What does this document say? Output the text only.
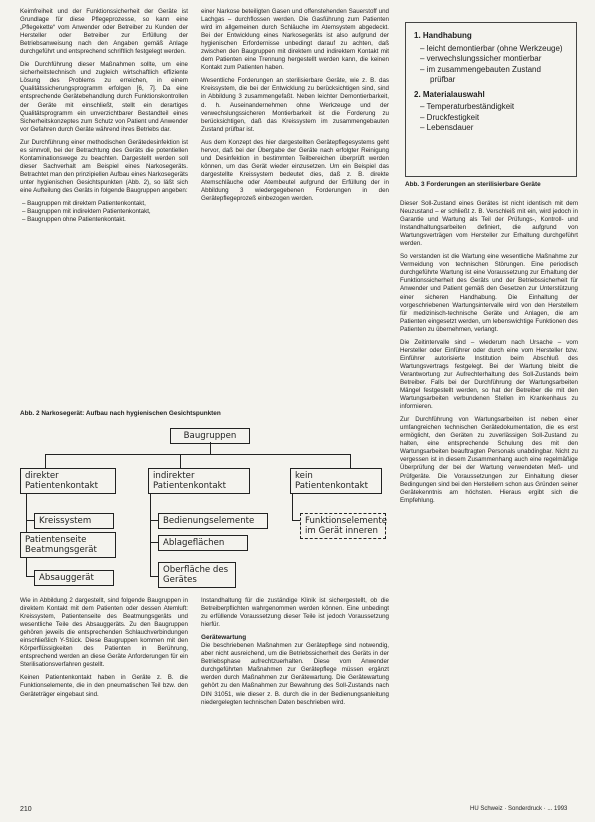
Keimfreiheit und der Funktionssicherheit der Geräte ist Grundlage für diese Pflegeprozesse, so kann eine „Pflegekette“ vom Anwender oder Betreiber zu Kunden der Hersteller oder Betreiber zur Erfüllung der Betriebsanweisung nach den Angaben gemäß Anlage durchgeführt und entsprechend schriftlich festgelegt werden.

Die Durchführung dieser Maßnahmen sollte, um eine sicherheitstechnisch und zugleich wirtschaftlich effiziente Lösung des Problems zu erreichen, in einem Qualitätssicherungsprogramm erfolgen [6, 7]. Da eine entsprechende Gerätebehandlung durch Funktionskontrollen der Geräte mit einschließt, stellt ein derartiges Qualitätsprogramm ein unverzichtbarer Bestandteil eines Sicherheitskonzeptes zum Schutz von Patient und Anwender vor Gefahren durch Geräte während ihres Betriebs dar.

Zur Durchführung einer methodischen Gerätedesinfektion ist es sinnvoll, bei der Betrachtung des Geräts die potentiellen Kontaminationswege zu beachten. Dargestellt werden soll dieser Sachverhalt am Beispiel eines Narkosegeräts. Betrachtet man den prinzipiellen Aufbau eines Narkosegeräts unter hygienischen Gesichtspunkten (Abb. 2), so läßt sich eine Aufteilung des Geräts in folgende Baugruppen angeben:

– Baugruppen mit direktem Patientenkontakt,
– Baugruppen mit indirektem Patientenkontakt,
– Baugruppen ohne Patientenkontakt.

einer Narkose beteiligten Gasen und offenstehenden Sauerstoff und Lachgas – durchflossen werden. Die Gasführung zum Patienten wird im allgemeinen durch Schläuche im Atemsystem abgedeckt. Bei der Entwicklung eines Narkosegeräts ist also aufgrund der hygienischen Erfordernisse unbedingt darauf zu achten, daß zwischen den Baugruppen mit direktem und indirektem Kontakt mit dem Patienten eine Trennung hergestellt werden kann, die keinen Kontakt zum Patienten haben.

Wesentliche Forderungen an sterilisierbare Geräte, wie z. B. das Kreissystem, die bei der Entwicklung zu berücksichtigen sind, sind in Abbildung 3 zusammengefaßt. Neben leichter Demontierbarkeit, d. h. Auseinandernehmen ohne Werkzeuge und der verwechslungssicheren Montierbarkeit ist die Forderung zu berücksichtigen, daß das Kreissystem im zusammengebauten Zustand prüfbar ist.

Aus dem Konzept des hier dargestellten Gerätepflegesystems geht hervor, daß bei der Übergabe der Geräte nach erfolgter Reinigung und Desinfektion in bestimmten Teilbereichen überprüft werden können, um das Gerät wieder einzusetzen. Um ein Beispiel das dargestellte Kreissystem bedeutet dies, daß z. B. direkte Atemschläuche oder Atembeutel aufgrund der Erfüllung der in Abbildung 3 wiedergegebenen Forderungen in den Gerätepflegeprozeß einbezogen werden.

1. Handhabung
– leicht demontierbar (ohne Werkzeuge)
– verwechslungssicher montierbar
– im zusammengebauten Zustand prüfbar
2. Materialauswahl
– Temperaturbeständigkeit
– Druckfestigkeit
– Lebensdauer
Abb. 3 Forderungen an sterilisierbare Geräte

Dieser Soll-Zustand eines Gerätes ist nicht identisch mit dem Neuzustand – er schließt z. B. Verschleiß mit ein, wird jedoch in Garantie und Wartung als Teil der Prüfungs-, Kontroll- und Instandhaltungsarbeiten definiert, die aufgrund von Wartungsverträgen vom Hersteller zur Erhaltung durchgeführt werden.

So verstanden ist die Wartung eine wesentliche Maßnahme zur Vermeidung von technischen Störungen. Eine periodisch durchgeführte Wartung ist eine Voraussetzung zur Erhaltung der Funktionssicherheit des Geräts und der Betriebssicherheit für Anwender und Patient gemäß den Gesetzen zur Unterstützung einer sicheren Handhabung. Die Einhaltung der vorgeschriebenen Wartungsintervalle wird von den Herstellern für medizinisch-technische Geräte und Anlagen, die am Patienten eingesetzt werden, um lebenswichtige Funktionen des Patienten zu übernehmen, verlangt.

Die Zeitintervalle sind – wiederum nach Ursache – vom Hersteller oder Einführer oder durch eine vom Hersteller bzw. Einführer autorisierte Institution beim Abschluß des Wartungsvertrags festgelegt. Bei der Wartung bleibt die Verantwortung zur Aufrechterhaltung des Soll-Zustands beim Betreiber. Falls bei der Durchführung der Wartungsarbeiten Mängel festgestellt werden, so hat der Betreiber die mit den Wartungsarbeiten verbundenen Stellen im Krankenhaus zu informieren.

Zur Durchführung von Wartungsarbeiten ist neben einer umfangreichen technischen Gerätedokumentation, die es erst ermöglicht, den Geräten zu zuverlässigen Soll-Zustand zu halten, eine entsprechende Schulung des mit den Wartungsarbeiten beauftragten Personals unabdingbar. Nicht zu vergessen ist in diesem Zusammenhang auch eine regelmäßige Überprüfung der bei der Wartung verwendeten Meß- und Prüfgeräte. Die Voraussetzungen zur Einhaltung dieser Bedingungen sind bei den Herstellern schon aus Gründen seiner Gerätekenntnis am höchsten. Hieraus ergibt sich die Empfehlung.

Abb. 2 Narkosegerät: Aufbau nach hygienischen Gesichtspunkten
Baugruppen
direkter Patientenkontakt
indirekter Patientenkontakt
kein Patientenkontakt
Kreissystem
Patientenseite Beatmungsgerät
Absauggerät
Bedienungselemente
Ablageflächen
Oberfläche des Gerätes
Funktionselemente im Gerät inneren

Wie in Abbildung 2 dargestellt, sind folgende Baugruppen in direktem Kontakt mit dem Patienten oder dessen Atemluft: Kreissystem, Patientenseite des Beatmungsgeräts und wesentliche Teile des Absauggeräts. Zu den Baugruppen gehören jeweils die entsprechenden Schlauchverbindungen einschließlich Y-Stück. Diese Baugruppen kommen mit den Körperflüssigkeiten des Patienten in Berührung, entsprechend werden an diese Geräte Anforderungen für ein Sterilisationsverfahren gestellt.

Keinen Patientenkontakt haben in Geräte z. B. die Funktionselemente, die in den pneumatischen Teil bzw. den Geräteträger eingebaut sind.

Instandhaltung für die zuständige Klinik ist sichergestellt, ob die Betreiberpflichten wahrgenommen werden können. Eine unbedingt zu erfüllende Voraussetzung dieser Teile ist jedoch Voraussetzung hierfür.

Gerätewartung

Die beschriebenen Maßnahmen zur Gerätepflege sind notwendig, aber nicht ausreichend, um die Betriebssicherheit des Geräts in der Betriebsphase aufrechtzuerhalten. Diese vom Anwender durchgeführten Maßnahmen zur Gerätepflege müssen ergänzt werden durch Maßnahmen zur Gerätewartung. Die Gerätewartung gehört zu den Maßnahmen zur Bewahrung des Soll-Zustands nach DIN 31051, wie dieser z. B. durch die in der Bedienungsanleitung niedergelegten technischen Daten beschrieben wird.

210	HU Schweiz · Sonderdruck · ... 1993
